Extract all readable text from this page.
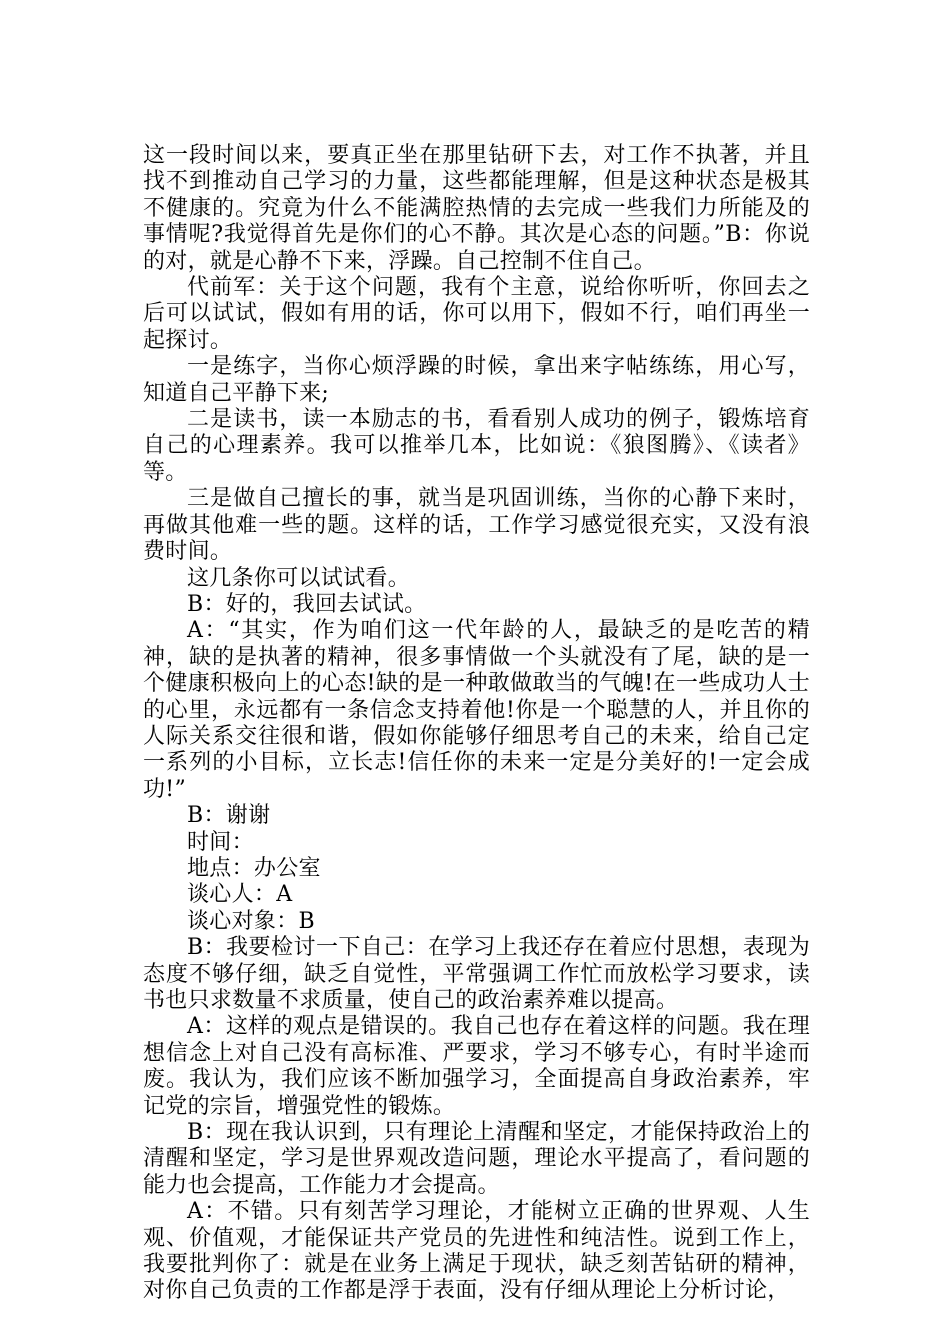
这一段时间以来，要真正坐在那里钻研下去，对工作不执著，并且找不到推动自己学习的力量，这些都能理解，但是这种状态是极其不健康的。究竟为什么不能满腔热情的去完成一些我们力所能及的事情呢?我觉得首先是你们的心不静。其次是心态的问题。”B：你说的对，就是心静不下来，浮躁。自己控制不住自己。

代前军：关于这个问题，我有个主意，说给你听听，你回去之后可以试试，假如有用的话，你可以用下，假如不行，咱们再坐一起探讨。

一是练字，当你心烦浮躁的时候，拿出来字帖练练，用心写，知道自己平静下来;

二是读书，读一本励志的书，看看别人成功的例子，锻炼培育自己的心理素养。我可以推举几本，比如说：《狼图腾》、《读者》等。

三是做自己擅长的事，就当是巩固训练，当你的心静下来时，再做其他难一些的题。这样的话，工作学习感觉很充实，又没有浪费时间。

这几条你可以试试看。

B：好的，我回去试试。

A：“其实，作为咱们这一代年龄的人，最缺乏的是吃苦的精神，缺的是执著的精神，很多事情做一个头就没有了尾，缺的是一个健康积极向上的心态!缺的是一种敢做敢当的气魄!在一些成功人士的心里，永远都有一条信念支持着他!你是一个聪慧的人，并且你的人际关系交往很和谐，假如你能够仔细思考自己的未来，给自己定一系列的小目标，立长志!信任你的未来一定是分美好的!一定会成功!”

B：谢谢

时间：

地点：办公室

谈心人：A

谈心对象：B

B：我要检讨一下自己：在学习上我还存在着应付思想，表现为态度不够仔细，缺乏自觉性，平常强调工作忙而放松学习要求，读书也只求数量不求质量，使自己的政治素养难以提高。

A：这样的观点是错误的。我自己也存在着这样的问题。我在理想信念上对自己没有高标准、严要求，学习不够专心，有时半途而废。我认为，我们应该不断加强学习，全面提高自身政治素养，牢记党的宗旨，增强党性的锻炼。

B：现在我认识到，只有理论上清醒和坚定，才能保持政治上的清醒和坚定，学习是世界观改造问题，理论水平提高了，看问题的能力也会提高，工作能力才会提高。

A：不错。只有刻苦学习理论，才能树立正确的世界观、人生观、价值观，才能保证共产党员的先进性和纯洁性。说到工作上，我要批判你了：就是在业务上满足于现状，缺乏刻苦钻研的精神，对你自己负责的工作都是浮于表面，没有仔细从理论上分析讨论，
